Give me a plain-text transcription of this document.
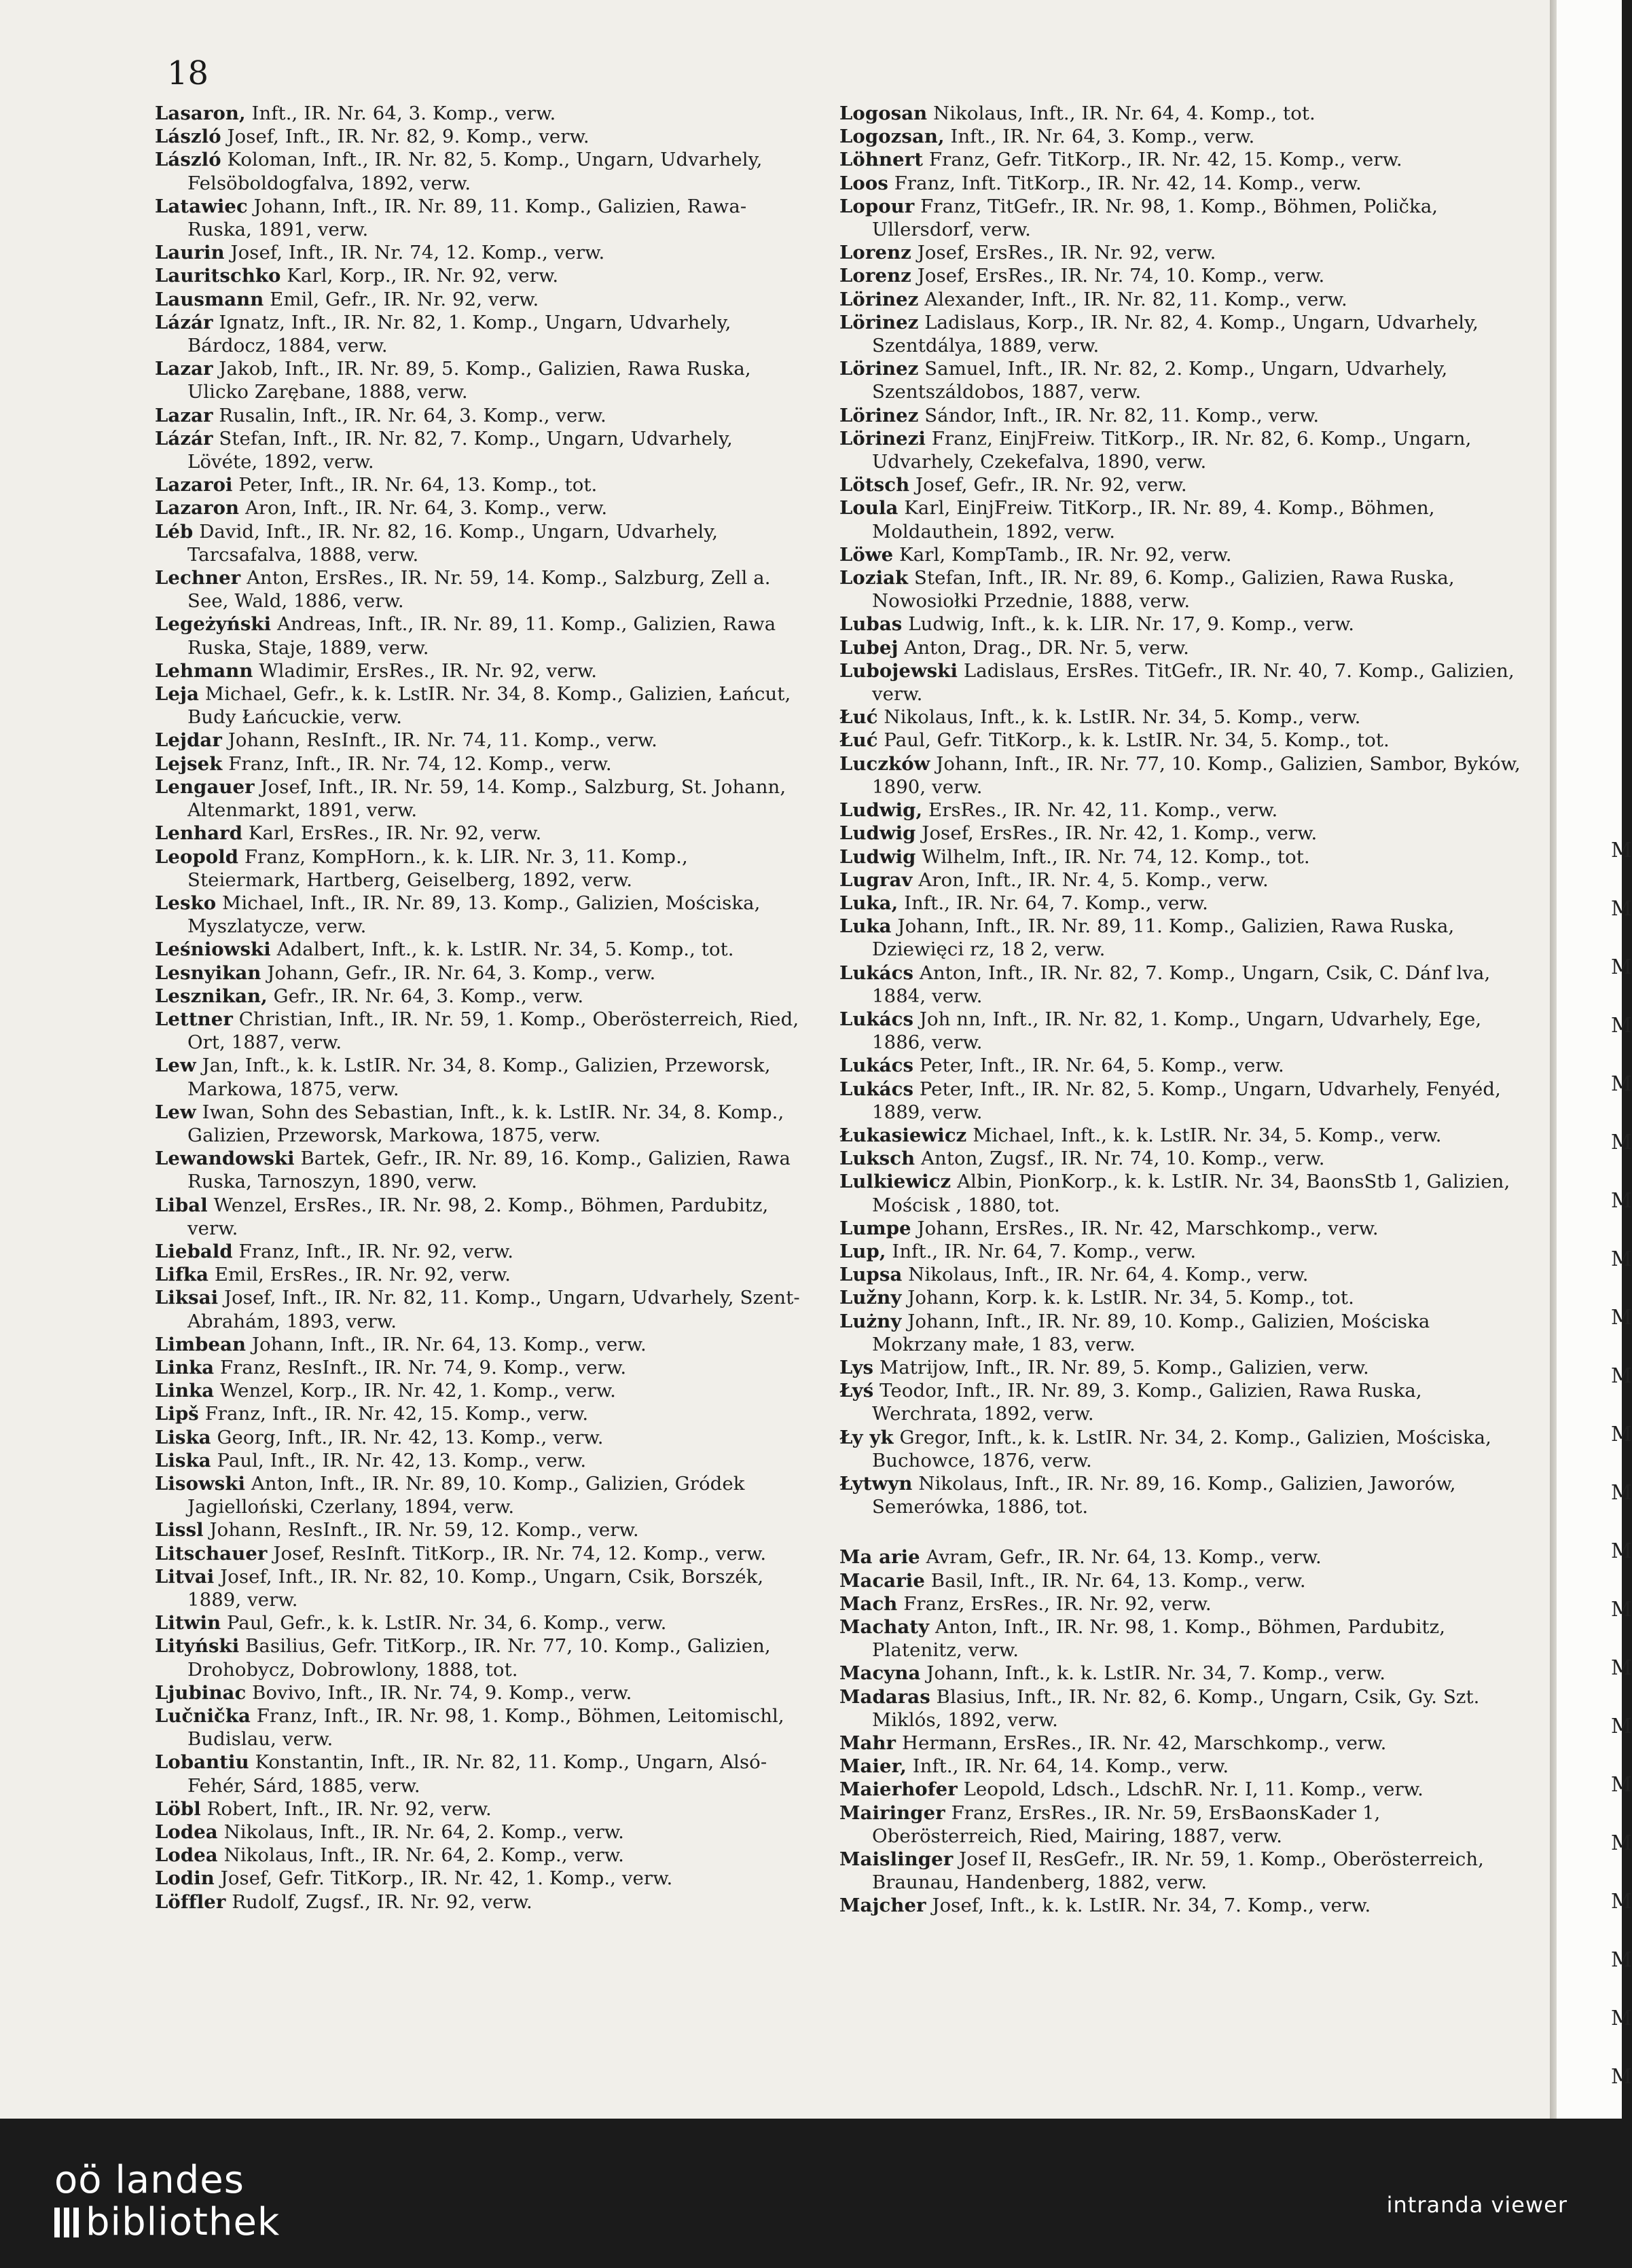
18
Lasaron, Inft., IR. Nr. 64, 3. Komp., verw.
László Josef, Inft., IR. Nr. 82, 9. Komp., verw.
László Koloman, Inft., IR. Nr. 82, 5. Komp., Ungarn, Udvarhely, Felsöboldogfalva, 1892, verw.
Latawiec Johann, Inft., IR. Nr. 89, 11. Komp., Galizien, Rawa-Ruska, 1891, verw.
Laurin Josef, Inft., IR. Nr. 74, 12. Komp., verw.
Lauritschko Karl, Korp., IR. Nr. 92, verw.
Lausmann Emil, Gefr., IR. Nr. 92, verw.
Lázár Ignatz, Inft., IR. Nr. 82, 1. Komp., Ungarn, Udvarhely, Bárdocz, 1884, verw.
Lazar Jakob, Inft., IR. Nr. 89, 5. Komp., Galizien, Rawa Ruska, Ulicko Zarębane, 1888, verw.
Lazar Rusalin, Inft., IR. Nr. 64, 3. Komp., verw.
Lázár Stefan, Inft., IR. Nr. 82, 7. Komp., Ungarn, Udvarhely, Lövéte, 1892, verw.
Lazaroi Peter, Inft., IR. Nr. 64, 13. Komp., tot.
Lazaron Aron, Inft., IR. Nr. 64, 3. Komp., verw.
Léb David, Inft., IR. Nr. 82, 16. Komp., Ungarn, Udvarhely, Tarcsafalva, 1888, verw.
Lechner Anton, ErsRes., IR. Nr. 59, 14. Komp., Salzburg, Zell a. See, Wald, 1886, verw.
Legeżyński Andreas, Inft., IR. Nr. 89, 11. Komp., Galizien, Rawa Ruska, Staje, 1889, verw.
Lehmann Wladimir, ErsRes., IR. Nr. 92, verw.
Leja Michael, Gefr., k. k. LstIR. Nr. 34, 8. Komp., Galizien, Łańcut, Budy Łańcuckie, verw.
Lejdar Johann, ResInft., IR. Nr. 74, 11. Komp., verw.
Lejsek Franz, Inft., IR. Nr. 74, 12. Komp., verw.
Lengauer Josef, Inft., IR. Nr. 59, 14. Komp., Salzburg, St. Johann, Altenmarkt, 1891, verw.
Lenhard Karl, ErsRes., IR. Nr. 92, verw.
Leopold Franz, KompHorn., k. k. LIR. Nr. 3, 11. Komp., Steiermark, Hartberg, Geiselberg, 1892, verw.
Lesko Michael, Inft., IR. Nr. 89, 13. Komp., Galizien, Mościska, Myszlatycze, verw.
Leśniowski Adalbert, Inft., k. k. LstIR. Nr. 34, 5. Komp., tot.
Lesnyikan Johann, Gefr., IR. Nr. 64, 3. Komp., verw.
Lesznikan, Gefr., IR. Nr. 64, 3. Komp., verw.
Lettner Christian, Inft., IR. Nr. 59, 1. Komp., Oberösterreich, Ried, Ort, 1887, verw.
Lew Jan, Inft., k. k. LstIR. Nr. 34, 8. Komp., Galizien, Przeworsk, Markowa, 1875, verw.
Lew Iwan, Sohn des Sebastian, Inft., k. k. LstIR. Nr. 34, 8. Komp., Galizien, Przeworsk, Markowa, 1875, verw.
Lewandowski Bartek, Gefr., IR. Nr. 89, 16. Komp., Galizien, Rawa Ruska, Tarnoszyn, 1890, verw.
Libal Wenzel, ErsRes., IR. Nr. 98, 2. Komp., Böhmen, Pardubitz, verw.
Liebald Franz, Inft., IR. Nr. 92, verw.
Lifka Emil, ErsRes., IR. Nr. 92, verw.
Liksai Josef, Inft., IR. Nr. 82, 11. Komp., Ungarn, Udvarhely, Szent-Abrahám, 1893, verw.
Limbean Johann, Inft., IR. Nr. 64, 13. Komp., verw.
Linka Franz, ResInft., IR. Nr. 74, 9. Komp., verw.
Linka Wenzel, Korp., IR. Nr. 42, 1. Komp., verw.
Lipš Franz, Inft., IR. Nr. 42, 15. Komp., verw.
Liska Georg, Inft., IR. Nr. 42, 13. Komp., verw.
Liska Paul, Inft., IR. Nr. 42, 13. Komp., verw.
Lisowski Anton, Inft., IR. Nr. 89, 10. Komp., Galizien, Gródek Jagielloński, Czerlany, 1894, verw.
Lissl Johann, ResInft., IR. Nr. 59, 12. Komp., verw.
Litschauer Josef, ResInft. TitKorp., IR. Nr. 74, 12. Komp., verw.
Litvai Josef, Inft., IR. Nr. 82, 10. Komp., Ungarn, Csik, Borszék, 1889, verw.
Litwin Paul, Gefr., k. k. LstIR. Nr. 34, 6. Komp., verw.
Lityński Basilius, Gefr. TitKorp., IR. Nr. 77, 10. Komp., Galizien, Drohobycz, Dobrowlony, 1888, tot.
Ljubinac Bovivo, Inft., IR. Nr. 74, 9. Komp., verw.
Lučnička Franz, Inft., IR. Nr. 98, 1. Komp., Böhmen, Leitomischl, Budislau, verw.
Lobantiu Konstantin, Inft., IR. Nr. 82, 11. Komp., Ungarn, Alsó-Fehér, Sárd, 1885, verw.
Löbl Robert, Inft., IR. Nr. 92, verw.
Lodea Nikolaus, Inft., IR. Nr. 64, 2. Komp., verw.
Lodea Nikolaus, Inft., IR. Nr. 64, 2. Komp., verw.
Lodin Josef, Gefr. TitKorp., IR. Nr. 42, 1. Komp., verw.
Löffler Rudolf, Zugsf., IR. Nr. 92, verw.
Logosan Nikolaus, Inft., IR. Nr. 64, 4. Komp., tot.
Logozsan, Inft., IR. Nr. 64, 3. Komp., verw.
Löhnert Franz, Gefr. TitKorp., IR. Nr. 42, 15. Komp., verw.
Loos Franz, Inft. TitKorp., IR. Nr. 42, 14. Komp., verw.
Lopour Franz, TitGefr., IR. Nr. 98, 1. Komp., Böhmen, Polička, Ullersdorf, verw.
Lorenz Josef, ErsRes., IR. Nr. 92, verw.
Lorenz Josef, ErsRes., IR. Nr. 74, 10. Komp., verw.
Lörinez Alexander, Inft., IR. Nr. 82, 11. Komp., verw.
Lörinez Ladislaus, Korp., IR. Nr. 82, 4. Komp., Ungarn, Udvarhely, Szentdálya, 1889, verw.
Lörinez Samuel, Inft., IR. Nr. 82, 2. Komp., Ungarn, Udvarhely, Szentszáldobos, 1887, verw.
Lörinez Sándor, Inft., IR. Nr. 82, 11. Komp., verw.
Lörinezi Franz, EinjFreiw. TitKorp., IR. Nr. 82, 6. Komp., Ungarn, Udvarhely, Czekefalva, 1890, verw.
Lötsch Josef, Gefr., IR. Nr. 92, verw.
Loula Karl, EinjFreiw. TitKorp., IR. Nr. 89, 4. Komp., Böhmen, Moldauthein, 1892, verw.
Löwe Karl, KompTamb., IR. Nr. 92, verw.
Loziak Stefan, Inft., IR. Nr. 89, 6. Komp., Galizien, Rawa Ruska, Nowosiołki Przednie, 1888, verw.
Lubas Ludwig, Inft., k. k. LIR. Nr. 17, 9. Komp., verw.
Lubej Anton, Drag., DR. Nr. 5, verw.
Lubojewski Ladislaus, ErsRes. TitGefr., IR. Nr. 40, 7. Komp., Galizien, verw.
Łuć Nikolaus, Inft., k. k. LstIR. Nr. 34, 5. Komp., verw.
Łuć Paul, Gefr. TitKorp., k. k. LstIR. Nr. 34, 5. Komp., tot.
Luczków Johann, Inft., IR. Nr. 77, 10. Komp., Galizien, Sambor, Byków, 1890, verw.
Ludwig, ErsRes., IR. Nr. 42, 11. Komp., verw.
Ludwig Josef, ErsRes., IR. Nr. 42, 1. Komp., verw.
Ludwig Wilhelm, Inft., IR. Nr. 74, 12. Komp., tot.
Lugrav Aron, Inft., IR. Nr. 4, 5. Komp., verw.
Luka, Inft., IR. Nr. 64, 7. Komp., verw.
Luka Johann, Inft., IR. Nr. 89, 11. Komp., Galizien, Rawa Ruska, Dziewięci rz, 18 2, verw.
Lukács Anton, Inft., IR. Nr. 82, 7. Komp., Ungarn, Csik, C. Dánf lva, 1884, verw.
Lukács Joh nn, Inft., IR. Nr. 82, 1. Komp., Ungarn, Udvarhely, Ege, 1886, verw.
Lukács Peter, Inft., IR. Nr. 64, 5. Komp., verw.
Lukács Peter, Inft., IR. Nr. 82, 5. Komp., Ungarn, Udvarhely, Fenyéd, 1889, verw.
Łukasiewicz Michael, Inft., k. k. LstIR. Nr. 34, 5. Komp., verw.
Luksch Anton, Zugsf., IR. Nr. 74, 10. Komp., verw.
Lulkiewicz Albin, PionKorp., k. k. LstIR. Nr. 34, BaonsStb 1, Galizien, Mościsk , 1880, tot.
Lumpe Johann, ErsRes., IR. Nr. 42, Marschkomp., verw.
Lup, Inft., IR. Nr. 64, 7. Komp., verw.
Lupsa Nikolaus, Inft., IR. Nr. 64, 4. Komp., verw.
Lužny Johann, Korp. k. k. LstIR. Nr. 34, 5. Komp., tot.
Lużny Johann, Inft., IR. Nr. 89, 10. Komp., Galizien, Mościska Mokrzany małe, 1 83, verw.
Lys Matrijow, Inft., IR. Nr. 89, 5. Komp., Galizien, verw.
Łyś Teodor, Inft., IR. Nr. 89, 3. Komp., Galizien, Rawa Ruska, Werchrata, 1892, verw.
Ły yk Gregor, Inft., k. k. LstIR. Nr. 34, 2. Komp., Galizien, Mościska, Buchowce, 1876, verw.
Łytwyn Nikolaus, Inft., IR. Nr. 89, 16. Komp., Galizien, Jaworów, Semerówka, 1886, tot.
Ma arie Avram, Gefr., IR. Nr. 64, 13. Komp., verw.
Macarie Basil, Inft., IR. Nr. 64, 13. Komp., verw.
Mach Franz, ErsRes., IR. Nr. 92, verw.
Machaty Anton, Inft., IR. Nr. 98, 1. Komp., Böhmen, Pardubitz, Platenitz, verw.
Macyna Johann, Inft., k. k. LstIR. Nr. 34, 7. Komp., verw.
Madaras Blasius, Inft., IR. Nr. 82, 6. Komp., Ungarn, Csik, Gy. Szt. Miklós, 1892, verw.
Mahr Hermann, ErsRes., IR. Nr. 42, Marschkomp., verw.
Maier, Inft., IR. Nr. 64, 14. Komp., verw.
Maierhofer Leopold, Ldsch., LdschR. Nr. I, 11. Komp., verw.
Mairinger Franz, ErsRes., IR. Nr. 59, ErsBaonsKader 1, Oberösterreich, Ried, Mairing, 1887, verw.
Maislinger Josef II, ResGefr., IR. Nr. 59, 1. Komp., Oberösterreich, Braunau, Handenberg, 1882, verw.
Majcher Josef, Inft., k. k. LstIR. Nr. 34, 7. Komp., verw.
M
M
M
M
M
M
M
M
M
M
M
M
M
M
M
M
M
M
M
M
M
M
oö landes
bibliothek	intranda viewer
